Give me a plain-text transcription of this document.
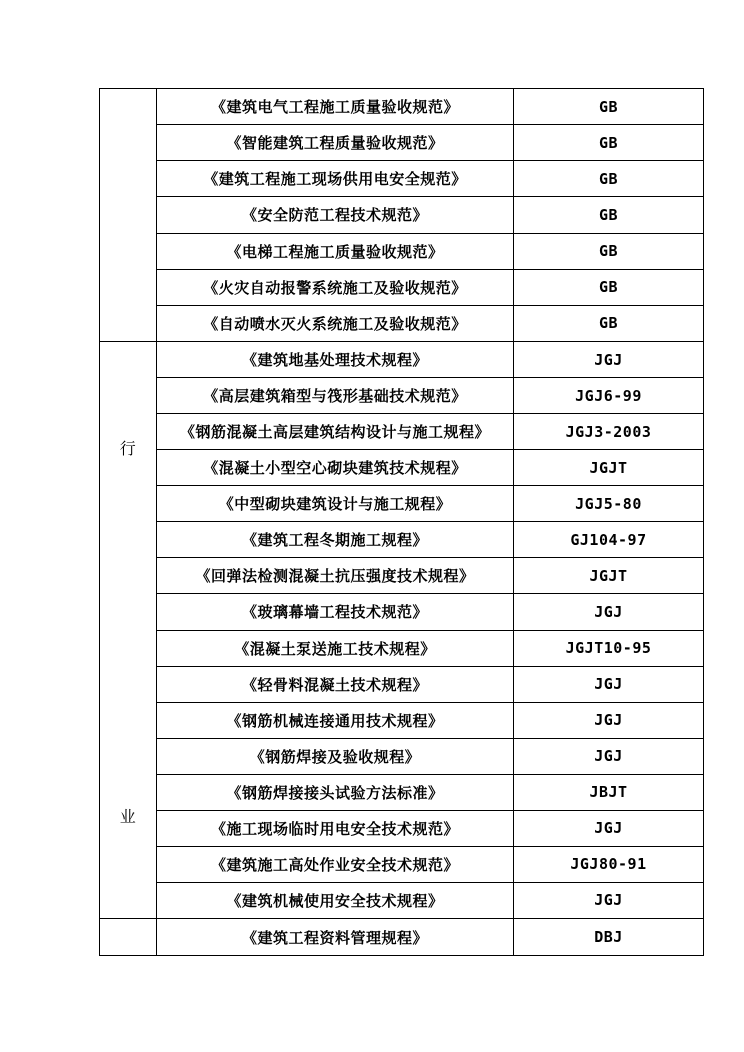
	《建筑电气工程施工质量验收规范》	GB
	《智能建筑工程质量验收规范》	GB
	《建筑工程施工现场供用电安全规范》	GB
	《安全防范工程技术规范》	GB
	《电梯工程施工质量验收规范》	GB
	《火灾自动报警系统施工及验收规范》	GB
	《自动喷水灭火系统施工及验收规范》	GB

行
业	《建筑地基处理技术规程》	JGJ
	《高层建筑箱型与筏形基础技术规范》	JGJ6-99
	《钢筋混凝土高层建筑结构设计与施工规程》	JGJ3-2003
	《混凝土小型空心砌块建筑技术规程》	JGJT
	《中型砌块建筑设计与施工规程》	JGJ5-80
	《建筑工程冬期施工规程》	GJ104-97
	《回弹法检测混凝土抗压强度技术规程》	JGJT
	《玻璃幕墙工程技术规范》	JGJ
	《混凝土泵送施工技术规程》	JGJT10-95
	《轻骨料混凝土技术规程》	JGJ
	《钢筋机械连接通用技术规程》	JGJ
	《钢筋焊接及验收规程》	JGJ
	《钢筋焊接接头试验方法标准》	JBJT
	《施工现场临时用电安全技术规范》	JGJ
	《建筑施工高处作业安全技术规范》	JGJ80-91
	《建筑机械使用安全技术规程》	JGJ

	《建筑工程资料管理规程》	DBJ
